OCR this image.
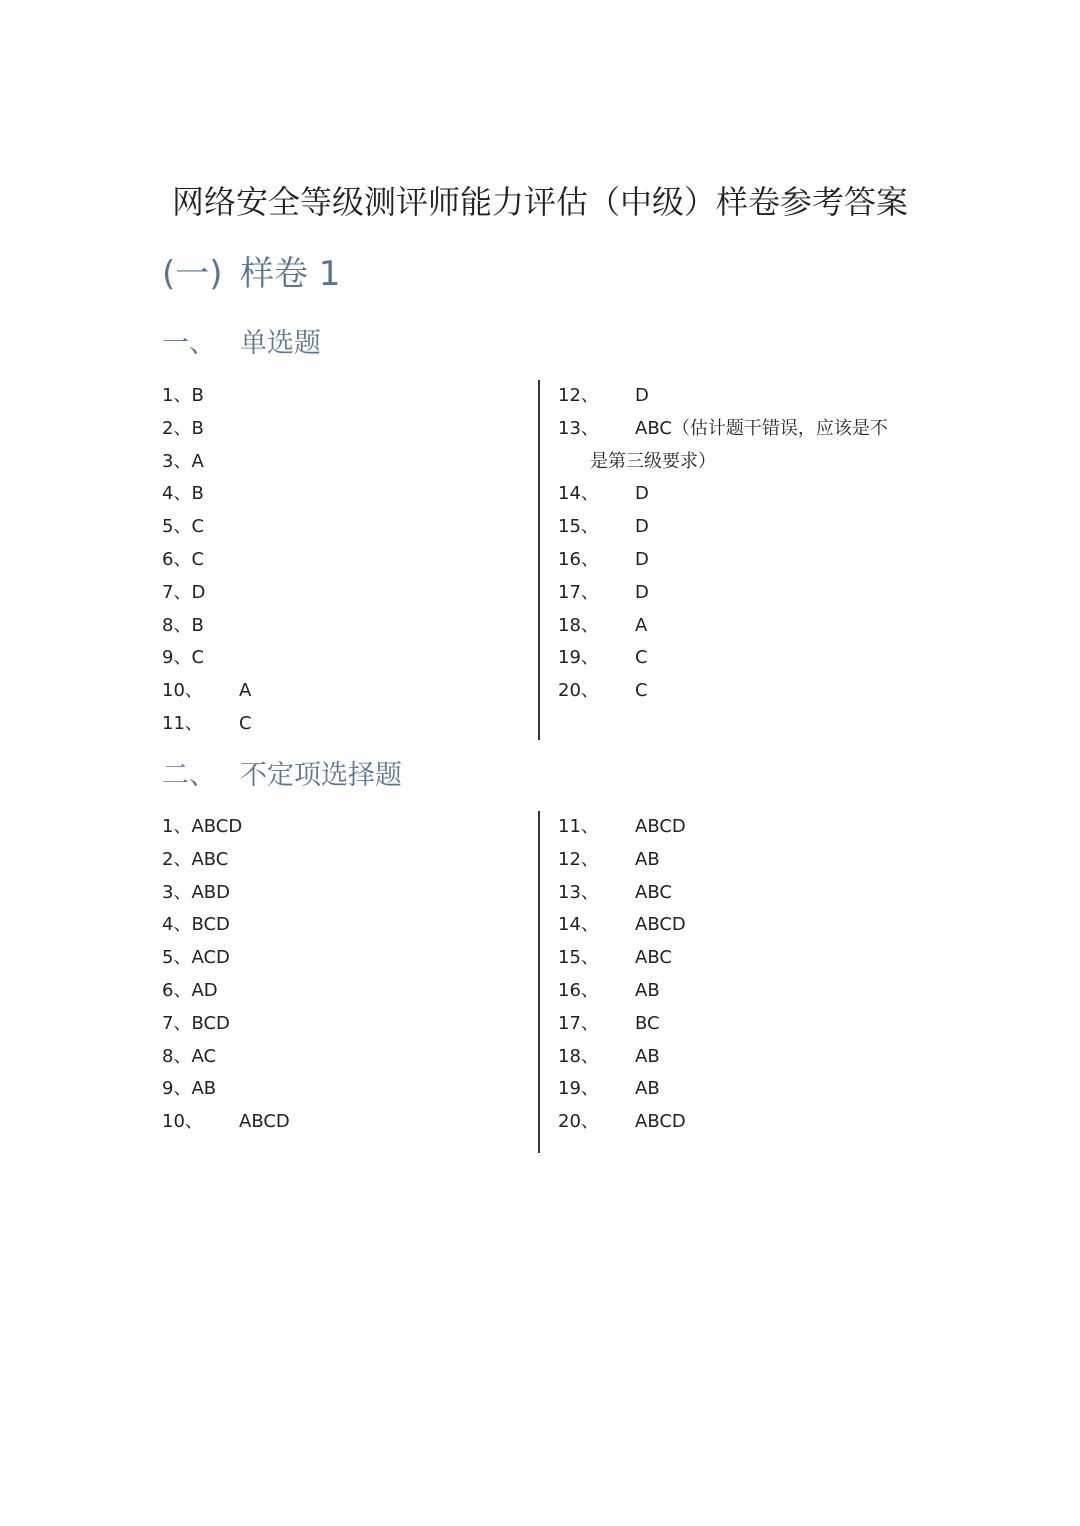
网络安全等级测评师能力评估（中级）样卷参考答案
(一) 样卷 1
一、 单选题
1、B
2、B
3、A
4、B
5、C
6、C
7、D
8、B
9、C
10、 A
11、 C
12、 D
13、 ABC（估计题干错误，应该是不
是第三级要求）
14、 D
15、 D
16、 D
17、 D
18、 A
19、 C
20、 C
二、 不定项选择题
1、ABCD
2、ABC
3、ABD
4、BCD
5、ACD
6、AD
7、BCD
8、AC
9、AB
10、 ABCD
11、 ABCD
12、 AB
13、 ABC
14、 ABCD
15、 ABC
16、 AB
17、 BC
18、 AB
19、 AB
20、 ABCD
